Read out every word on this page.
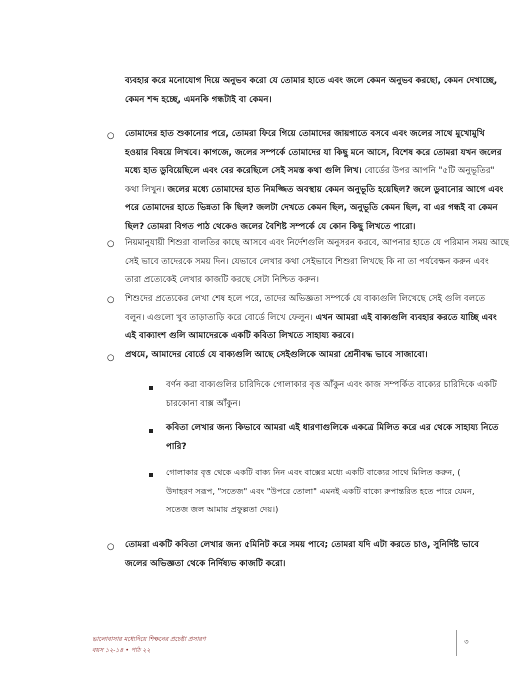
ব্যবহার করে মনোযোগ দিয়ে অনুভব করো যে তোমার হাতে এবং জলে কেমন অনুভব করছো, কেমন দেখাচ্ছে,
কেমন শব্দ হচ্ছে, এমনকি গন্ধটাই বা কেমন।
○ তোমাদের হাত শুকানোর পরে, তোমরা ফিরে গিয়ে তোমাদের জায়গাতে বসবে এবং জলের সাথে মুখোমুখি
হওয়ার বিষয়ে লিখবে। কাগজে, জলের সম্পর্কে তোমাদের যা কিছু মনে আসে, বিশেষ করে তোমরা যখন জলের
মধ্যে হাত ডুবিয়েছিলে এবং বের করেছিলে সেই সমস্ত কথা গুলি লিখ। বোর্ডের উপর আপনি "৫টি অনুভূতির"
কথা লিখুন। জলের মধ্যে তোমাদের হাত নিমজ্জিত অবস্থায় কেমন অনুভূতি হয়েছিল? জলে ডুবানোর আগে এবং
পরে তোমাদের হাতে ভিন্নতা কি ছিল? জলটা দেখতে কেমন ছিল, অনুভূতি কেমন ছিল, বা এর গন্ধই বা কেমন
ছিল? তোমরা বিগত পাঠ থেকেও জলের বৈশিষ্ট সম্পর্কে যে কোন কিছু লিখতে পারো।
○ নিয়মানুযায়ী শিশুরা বালতির কাছে আসবে এবং নির্দেশগুলি অনুসরন করবে, আপনার হাতে যে পরিমান সময় আছে
সেই ভাবে তাদেরকে সময় দিন। যেভাবে লেখার কথা সেইভাবে শিশুরা লিখছে কি না তা পর্যবেক্ষন করুন এবং
তারা প্রত্যেকেই লেখার কাজটি করছে সেটা নিশ্চিত করুন।
○ শিশুদের প্রত্যেকের লেখা শেষ হলে পরে, তাদের অভিজ্ঞতা সম্পর্কে যে বাক্যগুলি লিখেছে সেই গুলি বলতে
বলুন। এগুলো খুব তাড়াতাড়ি করে বোর্ডে লিখে ফেলুন। এখন আমরা এই বাক্যগুলি ব্যবহার করতে যাচ্ছি এবং
এই বাক্যাংশ গুলি আমাদেরকে একটি কবিতা লিখতে সাহায্য করবে।
○ প্রথমে, আমাদের বোর্ডে যে বাক্যগুলি আছে সেইগুলিকে আমরা শ্রেনীবদ্ধ ভাবে সাজাবো।
বর্ণন করা বাক্যগুলির চারিদিকে গোলাকার বৃত্ত আঁকুন এবং কাজ সম্পর্কিত বাক্যের চারিদিকে একটি
চারকোনা বাক্স আঁকুন।
কবিতা লেখার জন্য কিভাবে আমরা এই ধারণাগুলিকে একত্রে মিলিত করে এর থেকে সাহায্য নিতে
পারি?
গোলাকার বৃত্ত থেকে একটি বাক্য নিন এবং বাক্সের মধ্যে একটি বাক্যের সাথে মিলিত করুন, (
উদাহরণ সরূপ, "সতেজ" এবং "উপরে তোলা" এমনই একটি বাক্যে রুপান্তরিত হতে পারে যেমন,
সতেজ জল আমায় প্রফুল্লতা দেয়।)
○ তোমরা একটি কবিতা লেখার জন্য ৫মিনিট করে সময় পাবে; তোমরা যদি এটা করতে চাও, সুনির্দিষ্ট ভাবে
জলের অভিজ্ঞতা থেকে নির্দিষ্যভ কাজটি করো।
ভালোবাসার মধ্যেদিয়ে শিক্ষনের প্রচেষ্টা প্রসারণ
বয়স ১২-১৪ • পাঠ ২২
৩
